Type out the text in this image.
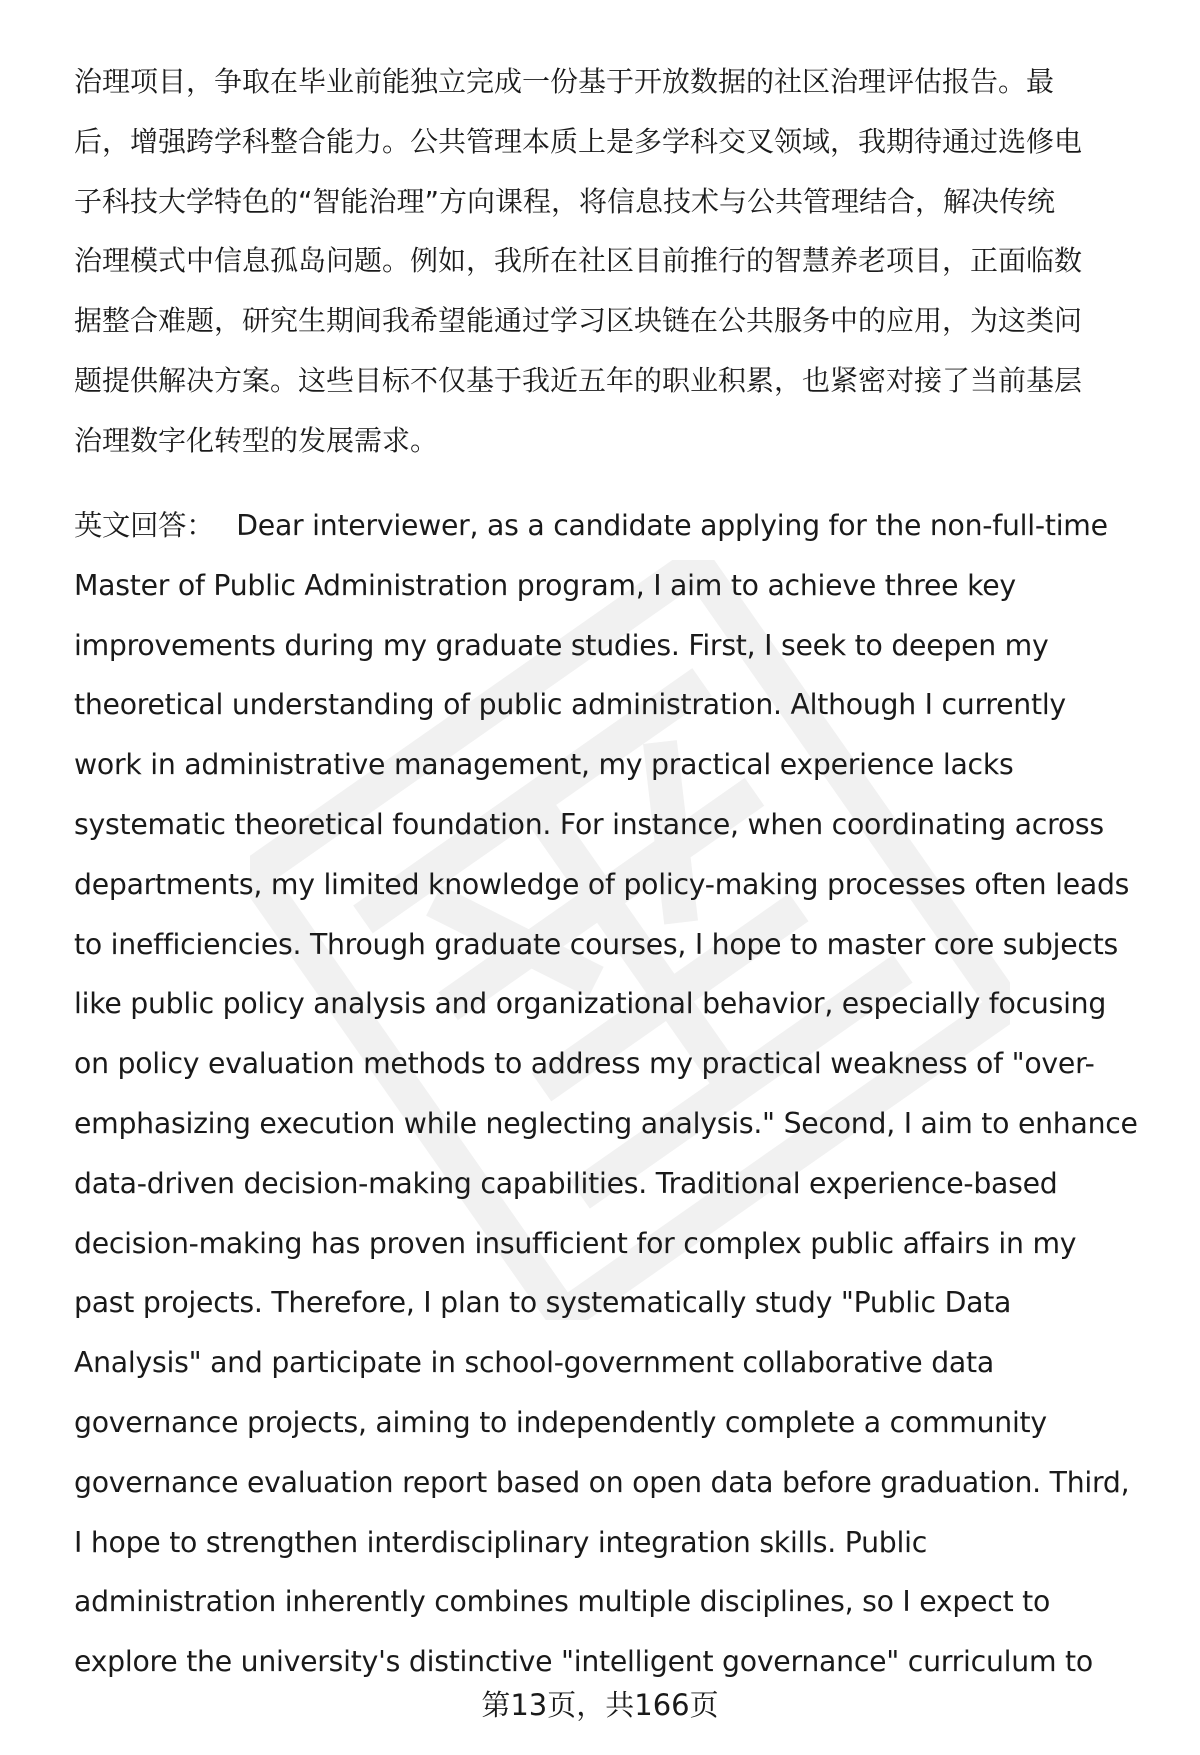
治理项目，争取在毕业前能独立完成一份基于开放数据的社区治理评估报告。最
后，增强跨学科整合能力。公共管理本质上是多学科交叉领域，我期待通过选修电
子科技大学特色的“智能治理”方向课程，将信息技术与公共管理结合，解决传统
治理模式中信息孤岛问题。例如，我所在社区目前推行的智慧养老项目，正面临数
据整合难题，研究生期间我希望能通过学习区块链在公共服务中的应用，为这类问
题提供解决方案。这些目标不仅基于我近五年的职业积累，也紧密对接了当前基层
治理数字化转型的发展需求。
英文回答： Dear interviewer, as a candidate applying for the non-full-time
Master of Public Administration program, I aim to achieve three key
improvements during my graduate studies. First, I seek to deepen my
theoretical understanding of public administration. Although I currently
work in administrative management, my practical experience lacks
systematic theoretical foundation. For instance, when coordinating across
departments, my limited knowledge of policy-making processes often leads
to inefficiencies. Through graduate courses, I hope to master core subjects
like public policy analysis and organizational behavior, especially focusing
on policy evaluation methods to address my practical weakness of "over-
emphasizing execution while neglecting analysis." Second, I aim to enhance
data-driven decision-making capabilities. Traditional experience-based
decision-making has proven insufficient for complex public affairs in my
past projects. Therefore, I plan to systematically study "Public Data
Analysis" and participate in school-government collaborative data
governance projects, aiming to independently complete a community
governance evaluation report based on open data before graduation. Third,
I hope to strengthen interdisciplinary integration skills. Public
administration inherently combines multiple disciplines, so I expect to
explore the university's distinctive "intelligent governance" curriculum to
第13页，共166页
